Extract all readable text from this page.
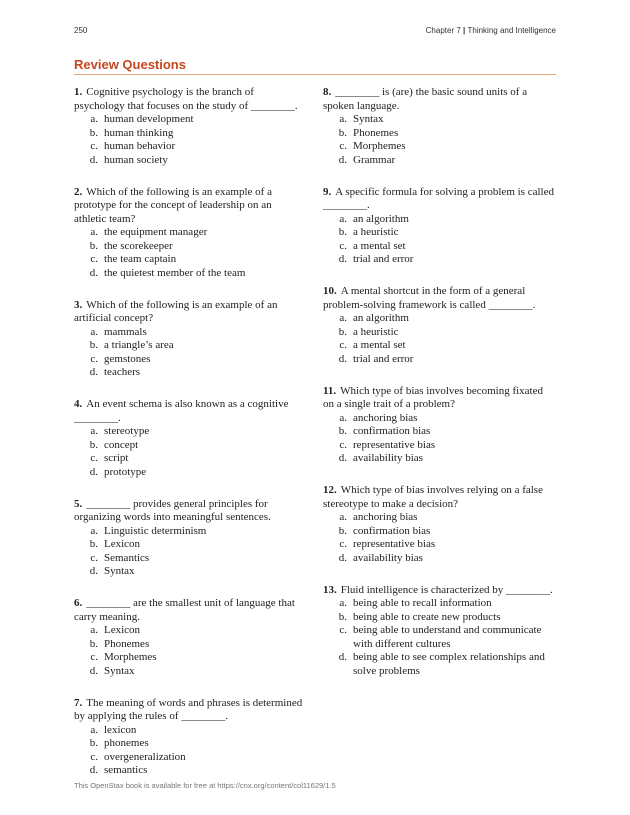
250	Chapter 7 | Thinking and Intelligence
Review Questions

1. Cognitive psychology is the branch of psychology that focuses on the study of ________.

a. human development
b. human thinking
c. human behavior
d. human society

2. Which of the following is an example of a prototype for the concept of leadership on an athletic team?

a. the equipment manager
b. the scorekeeper
c. the team captain
d. the quietest member of the team

3. Which of the following is an example of an artificial concept?

a. mammals
b. a triangle’s area
c. gemstones
d. teachers

4. An event schema is also known as a cognitive ________.

a. stereotype
b. concept
c. script
d. prototype

5. ________ provides general principles for organizing words into meaningful sentences.

a. Linguistic determinism
b. Lexicon
c. Semantics
d. Syntax

6. ________ are the smallest unit of language that carry meaning.

a. Lexicon
b. Phonemes
c. Morphemes
d. Syntax

7. The meaning of words and phrases is determined by applying the rules of ________.

a. lexicon
b. phonemes
c. overgeneralization
d. semantics

8. ________ is (are) the basic sound units of a spoken language.

a. Syntax
b. Phonemes
c. Morphemes
d. Grammar

9. A specific formula for solving a problem is called ________.

a. an algorithm
b. a heuristic
c. a mental set
d. trial and error

10. A mental shortcut in the form of a general problem-solving framework is called ________.

a. an algorithm
b. a heuristic
c. a mental set
d. trial and error

11. Which type of bias involves becoming fixated on a single trait of a problem?

a. anchoring bias
b. confirmation bias
c. representative bias
d. availability bias

12. Which type of bias involves relying on a false stereotype to make a decision?

a. anchoring bias
b. confirmation bias
c. representative bias
d. availability bias

13. Fluid intelligence is characterized by ________.

a. being able to recall information
b. being able to create new products
c. being able to understand and communicate with different cultures
d. being able to see complex relationships and solve problems
This OpenStax book is available for free at https://cnx.org/content/col11629/1.5
